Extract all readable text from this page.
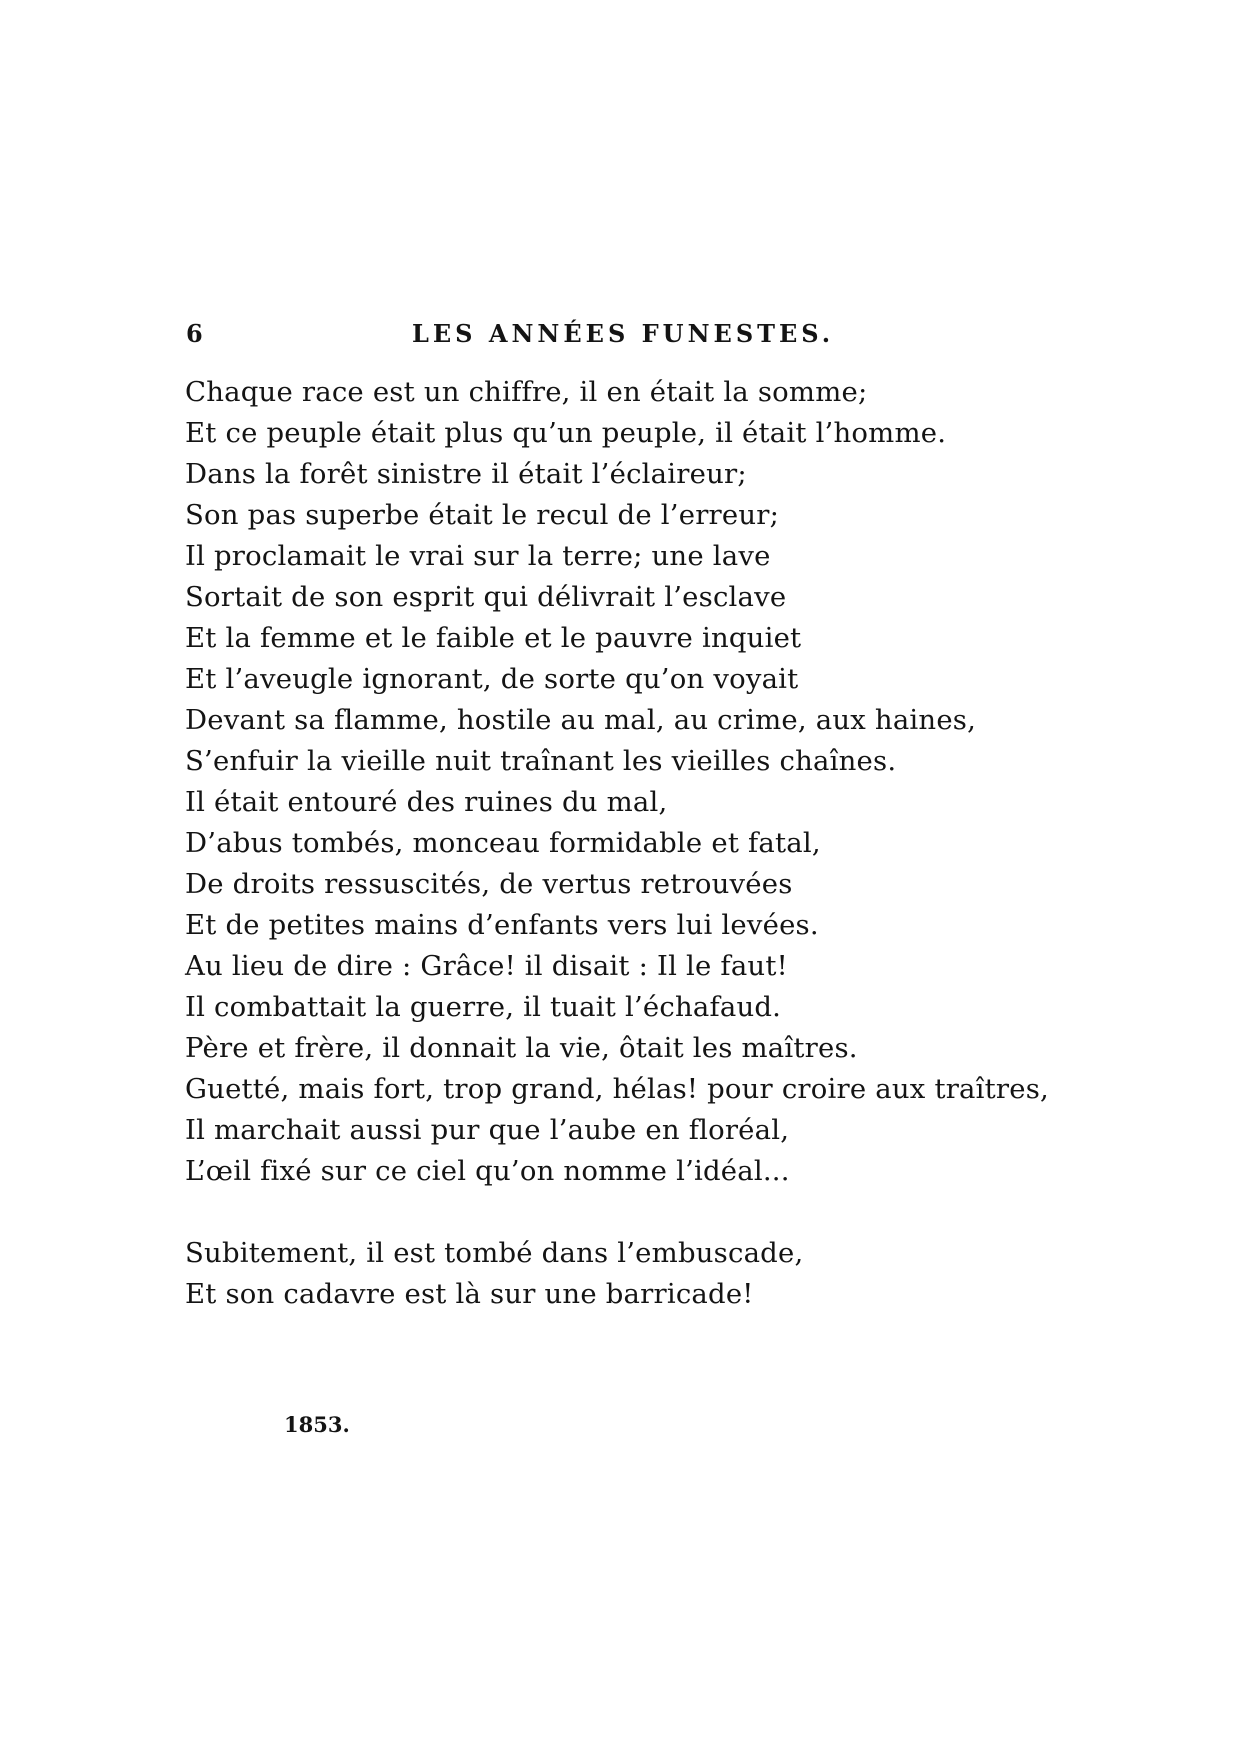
6	LES ANNÉES FUNESTES.
Chaque race est un chiffre, il en était la somme;
Et ce peuple était plus qu’un peuple, il était l’homme.
Dans la forêt sinistre il était l’éclaireur;
Son pas superbe était le recul de l’erreur;
Il proclamait le vrai sur la terre; une lave
Sortait de son esprit qui délivrait l’esclave
Et la femme et le faible et le pauvre inquiet
Et l’aveugle ignorant, de sorte qu’on voyait
Devant sa flamme, hostile au mal, au crime, aux haines,
S’enfuir la vieille nuit traînant les vieilles chaînes.
Il était entouré des ruines du mal,
D’abus tombés, monceau formidable et fatal,
De droits ressuscités, de vertus retrouvées
Et de petites mains d’enfants vers lui levées.
Au lieu de dire : Grâce! il disait : Il le faut!
Il combattait la guerre, il tuait l’échafaud.
Père et frère, il donnait la vie, ôtait les maîtres.
Guetté, mais fort, trop grand, hélas! pour croire aux traîtres,
Il marchait aussi pur que l’aube en floréal,
L’œil fixé sur ce ciel qu’on nomme l’idéal...
Subitement, il est tombé dans l’embuscade,
Et son cadavre est là sur une barricade!
1853.
